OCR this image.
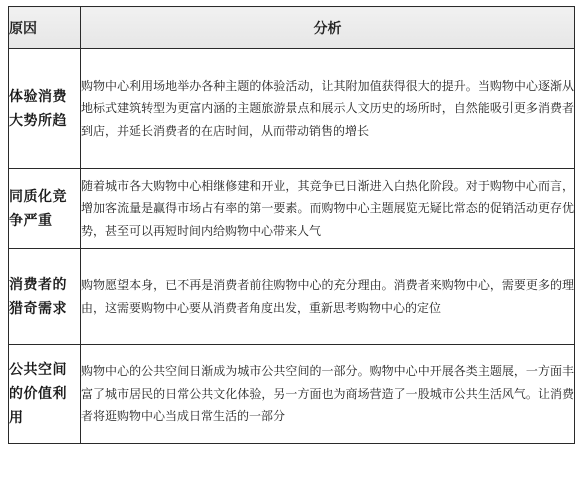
原因	分析
体验消费大势所趋	购物中心利用场地举办各种主题的体验活动，让其附加值获得很大的提升。当购物中心逐渐从地标式建筑转型为更富内涵的主题旅游景点和展示人文历史的场所时，自然能吸引更多消费者到店，并延长消费者的在店时间，从而带动销售的增长
同质化竞争严重	随着城市各大购物中心相继修建和开业，其竞争已日渐进入白热化阶段。对于购物中心而言，增加客流量是赢得市场占有率的第一要素。而购物中心主题展览无疑比常态的促销活动更存优势，甚至可以再短时间内给购物中心带来人气
消费者的猎奇需求	购物愿望本身，已不再是消费者前往购物中心的充分理由。消费者来购物中心，需要更多的理由，这需要购物中心要从消费者角度出发，重新思考购物中心的定位
公共空间的价值利用	购物中心的公共空间日渐成为城市公共空间的一部分。购物中心中开展各类主题展，一方面丰富了城市居民的日常公共文化体验，另一方面也为商场营造了一股城市公共生活风气。让消费者将逛购物中心当成日常生活的一部分
